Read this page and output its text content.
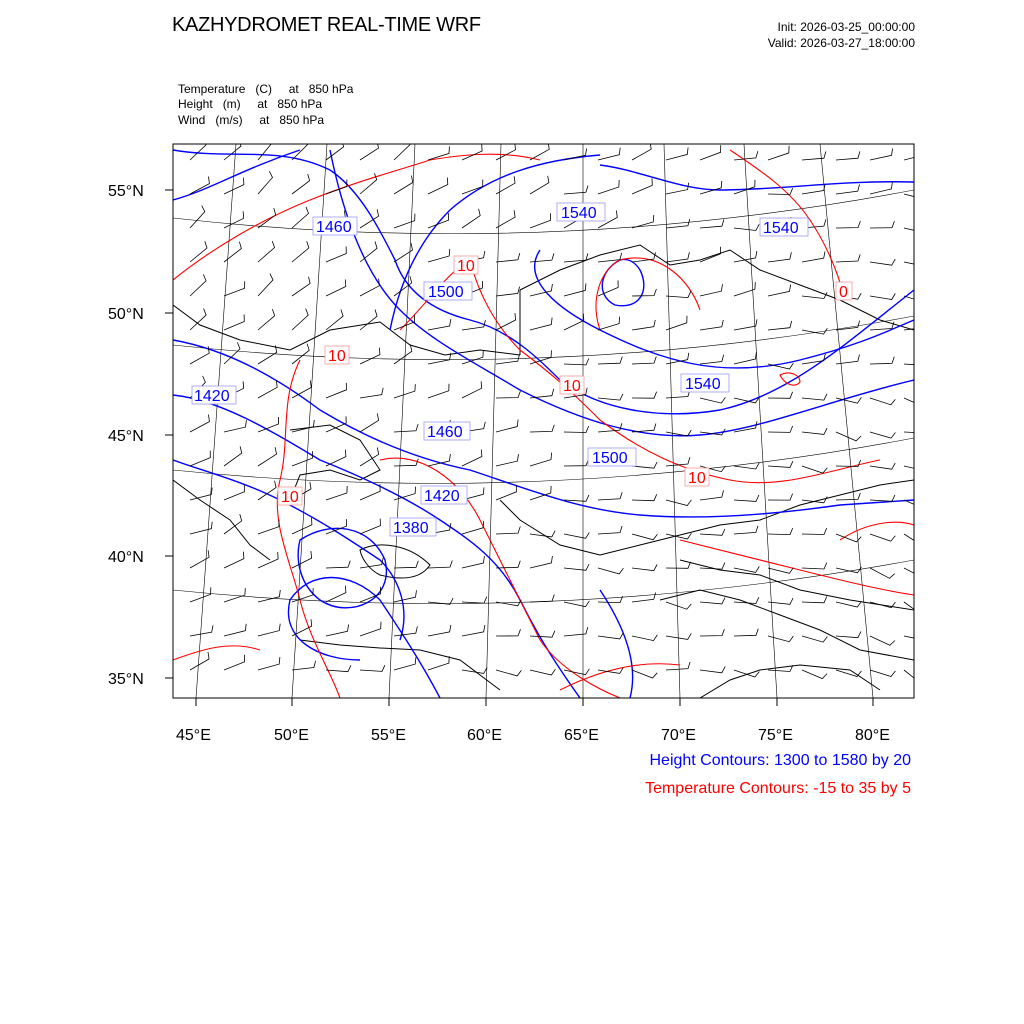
KAZHYDROMET REAL-TIME WRF	Init: 2026-03-25_00:00:00
Valid: 2026-03-27_18:00:00
Temperature   (C)     at   850 hPa
Height   (m)     at   850 hPa
Wind   (m/s)     at   850 hPa
1460
1540
1540
1500
1420
1540
1460
1500
1420
1380
10
10
10
10
10
0
45°E	50°E	55°E	60°E	65°E	70°E	75°E	80°E
55°N
50°N
45°N
40°N
35°N
Height Contours: 1300 to 1580 by 20
Temperature Contours: -15 to 35 by 5
